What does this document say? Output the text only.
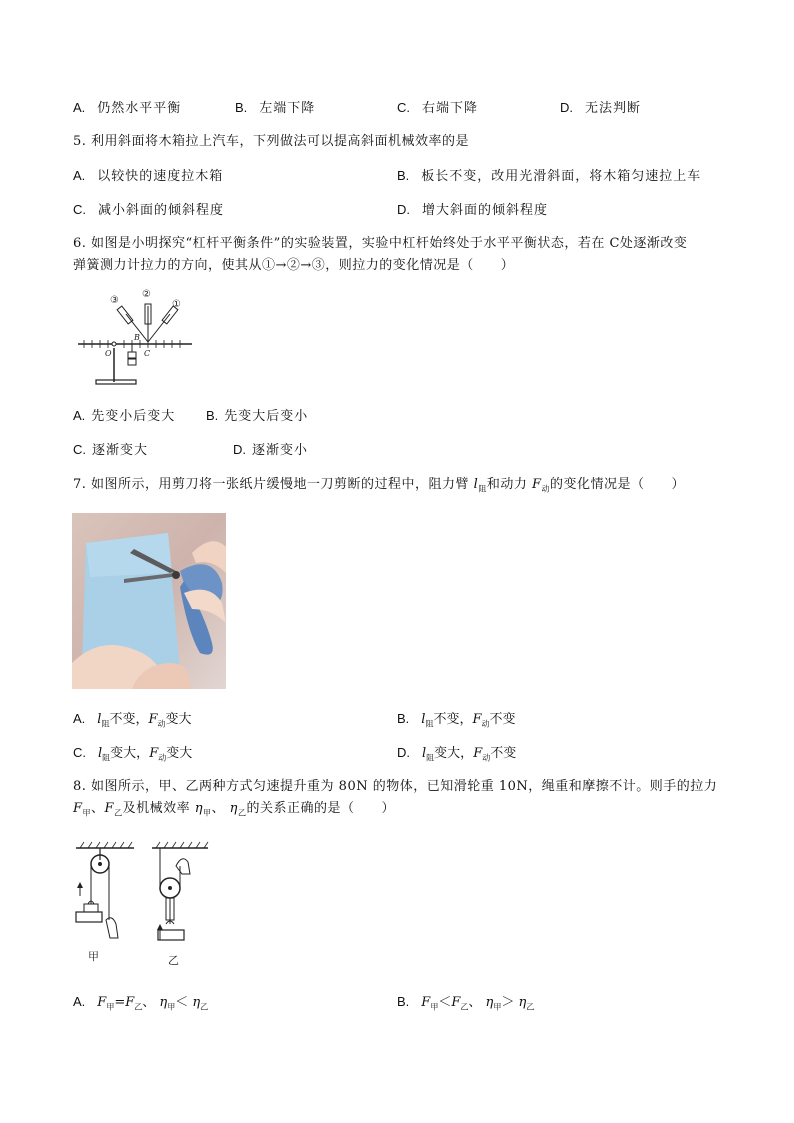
A. 仍然水平平衡	B. 左端下降	C. 右端下降	D. 无法判断
5. 利用斜面将木箱拉上汽车，下列做法可以提高斜面机械效率的是
A. 以较快的速度拉木箱	B. 板长不变，改用光滑斜面，将木箱匀速拉上车
C. 减小斜面的倾斜程度	D. 增大斜面的倾斜程度
6. 如图是小明探究“杠杆平衡条件”的实验装置，实验中杠杆始终处于水平平衡状态，若在 C处逐渐改变
弹簧测力计拉力的方向，使其从①→②→③，则拉力的变化情况是（　　）
③
②
①
O
B
C
A. 先变小后变大 B. 先变大后变小
C. 逐渐变大	D. 逐渐变小
7. 如图所示，用剪刀将一张纸片缓慢地一刀剪断的过程中，阻力臂 $l_阻$和动力 $F_动$的变化情况是（　　）
A. $l_阻$不变，$F_动$变大	B. $l_阻$不变，$F_动$不变
C. $l_阻$变大，$F_动$变大	D. $l_阻$变大，$F_动$不变
8. 如图所示，甲、乙两种方式匀速提升重为 80N 的物体，已知滑轮重 10N，绳重和摩擦不计。则手的拉力
$F_甲$、$F_乙$及机械效率 $\eta_甲$、 $\eta_乙$的关系正确的是（　　）
甲	乙
A. $F_甲=F_乙$、 $\eta_甲< \eta_乙$	B. $F_甲<F_乙$、 $\eta_甲> \eta_乙$
